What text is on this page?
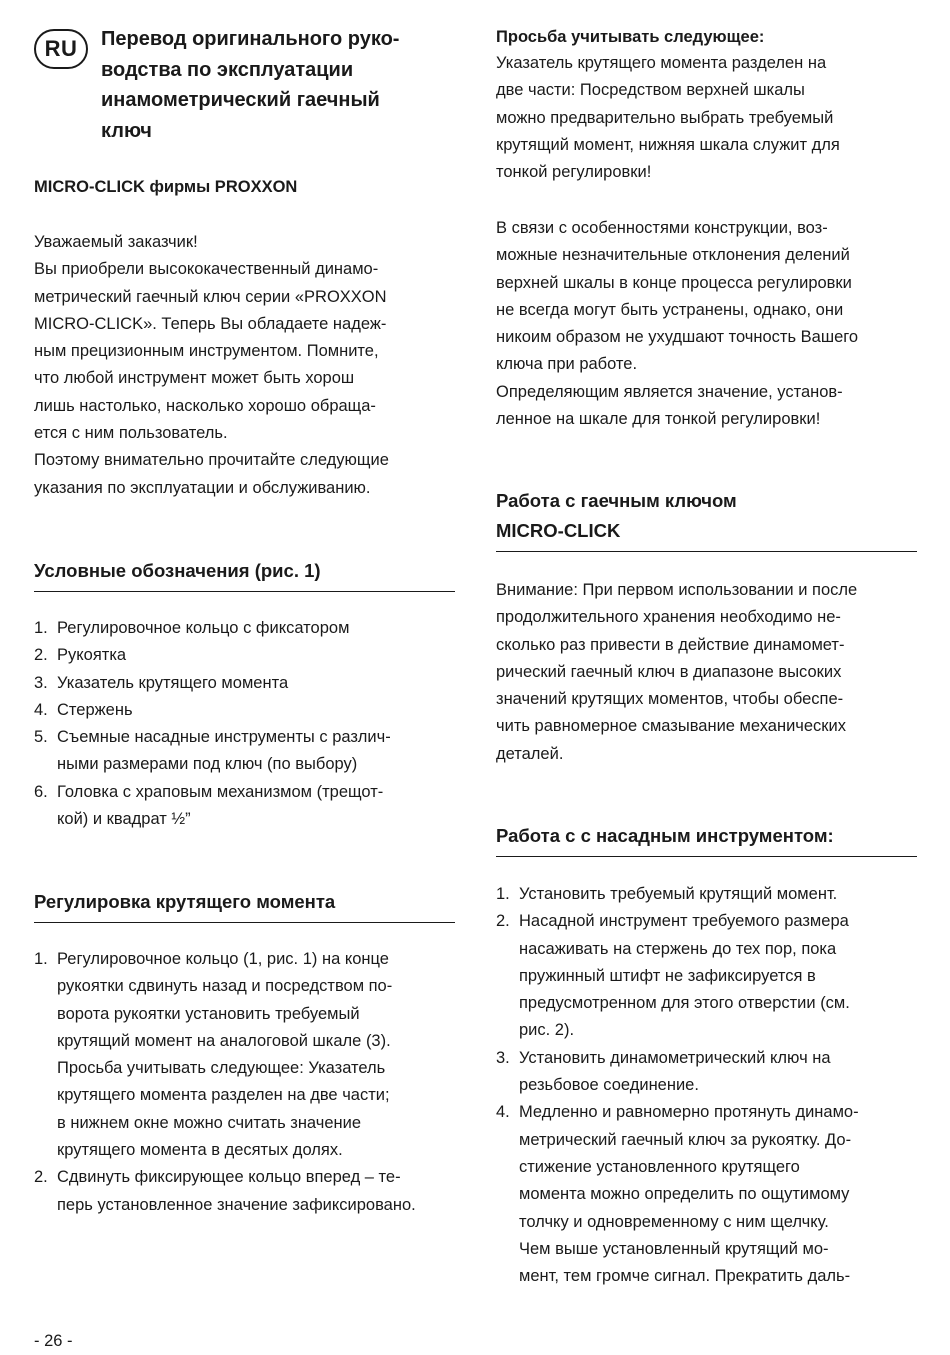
RU Перевод оригинального руко-
водства по эксплуатации
инамометрический гаечный
ключ

MICRO-CLICK фирмы PROXXON

Уважаемый заказчик!
Вы приобрели высококачественный динамо-
метрический гаечный ключ серии «PROXXON
MICRO-CLICK». Теперь Вы обладаете надеж-
ным прецизионным инструментом. Помните,
что любой инструмент может быть хорош
лишь настолько, насколько хорошо обраща-
ется с ним пользователь.
Поэтому внимательно прочитайте следующие
указания по эксплуатации и обслуживанию.

Условные обозначения (рис. 1)
1. Регулировочное кольцо с фиксатором
2. Рукоятка
3. Указатель крутящего момента
4. Стержень
5. Съемные насадные инструменты с различ-
ными размерами под ключ (по выбору)
6. Головка с храповым механизмом (трещот-
кой) и квадрат ½”
Регулировка крутящего момента
1. Регулировочное кольцо (1, рис. 1) на конце
рукоятки сдвинуть назад и посредством по-
ворота рукоятки установить требуемый
крутящий момент на аналоговой шкале (3).
Просьба учитывать следующее: Указатель
крутящего момента разделен на две части;
в нижнем окне можно считать значение
крутящего момента в десятых долях.
2. Сдвинуть фиксирующее кольцо вперед – те-
перь установленное значение зафиксировано.
Просьба учитывать следующее:

Указатель крутящего момента разделен на
две части: Посредством верхней шкалы
можно предварительно выбрать требуемый
крутящий момент, нижняя шкала служит для
тонкой регулировки!

В связи с особенностями конструкции, воз-
можные незначительные отклонения делений
верхней шкалы в конце процесса регулировки
не всегда могут быть устранены, однако, они
никоим образом не ухудшают точность Вашего
ключа при работе.
Определяющим является значение, установ-
ленное на шкале для тонкой регулировки!

Работа с гаечным ключом
MICRO-CLICK

Внимание: При первом использовании и после
продолжительного хранения необходимо не-
сколько раз привести в действие динамомет-
рический гаечный ключ в диапазоне высоких
значений крутящих моментов, чтобы обеспе-
чить равномерное смазывание механических
деталей.

Работа с с насадным инструментом:
1. Установить требуемый крутящий момент.
2. Насадной инструмент требуемого размера
насаживать на стержень до тех пор, пока
пружинный штифт не зафиксируется в
предусмотренном для этого отверстии (см.
рис. 2).
3. Установить динамометрический ключ на
резьбовое соединение.
4. Медленно и равномерно протянуть динамо-
метрический гаечный ключ за рукоятку. До-
стижение установленного крутящего
момента можно определить по ощутимому
толчку и одновременному с ним щелчку.
Чем выше установленный крутящий мо-
мент, тем громче сигнал. Прекратить даль-

- 26 -
